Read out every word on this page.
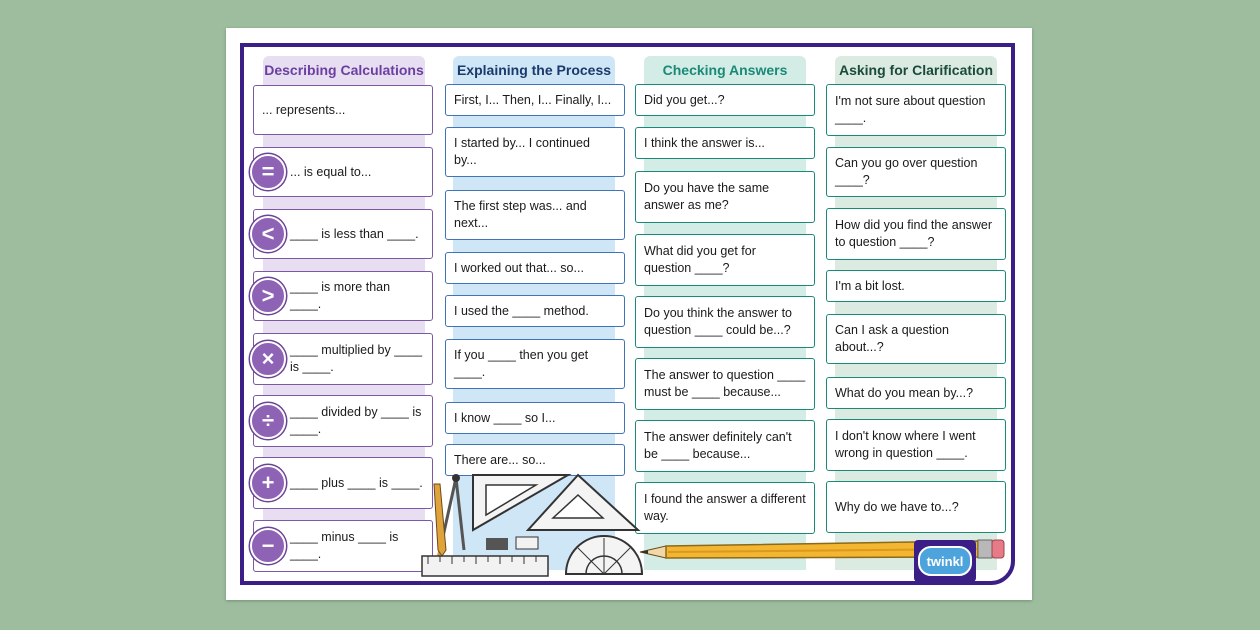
Describing Calculations
... represents...
... is equal to...
=
____ is less than ____.
<
____ is more than ____.
>
____ multiplied by ____ is ____.
×
____ divided by ____ is ____.
÷
____ plus ____ is ____.
+
____ minus ____ is ____.
−
Explaining the Process
First, I... Then, I... Finally, I...
I started by... I continued by...
The first step was... and next...
I worked out that... so...
I used the ____ method.
If you ____ then you get ____.
I know ____ so I...
There are... so...
Checking Answers
Did you get...?
I think the answer is...
Do you have the same answer as me?
What did you get for question ____?
Do you think the answer to question ____ could be...?
The answer to question ____ must be ____ because...
The answer definitely can't be ____ because...
I found the answer a different way.
Asking for Clarification
I'm not sure about question ____.
Can you go over question ____?
How did you find the answer to question ____?
I'm a bit lost.
Can I ask a question about...?
What do you mean by...?
I don't know where I went wrong in question ____.
Why do we have to...?
twinkl
